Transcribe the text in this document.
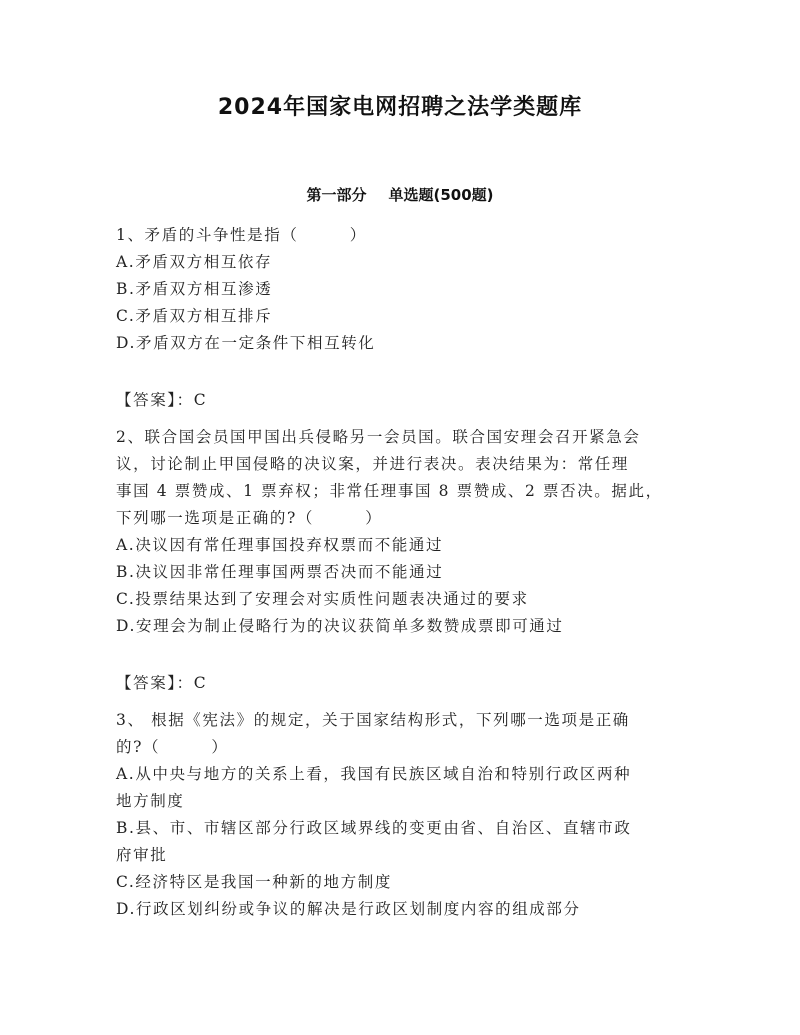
2024年国家电网招聘之法学类题库
第一部分 单选题(500题)
1、矛盾的斗争性是指（　　　）
A.矛盾双方相互依存
B.矛盾双方相互渗透
C.矛盾双方相互排斥
D.矛盾双方在一定条件下相互转化
【答案】：C
2、联合国会员国甲国出兵侵略另一会员国。联合国安理会召开紧急会
议，讨论制止甲国侵略的决议案，并进行表决。表决结果为：常任理
事国 4 票赞成、1 票弃权；非常任理事国 8 票赞成、2 票否决。据此，
下列哪一选项是正确的?（　　　）
A.决议因有常任理事国投弃权票而不能通过
B.决议因非常任理事国两票否决而不能通过
C.投票结果达到了安理会对实质性问题表决通过的要求
D.安理会为制止侵略行为的决议获简单多数赞成票即可通过
【答案】：C
3、 根据《宪法》的规定，关于国家结构形式，下列哪一选项是正确
的?（　　　）
A.从中央与地方的关系上看，我国有民族区域自治和特别行政区两种
地方制度
B.县、市、市辖区部分行政区域界线的变更由省、自治区、直辖市政
府审批
C.经济特区是我国一种新的地方制度
D.行政区划纠纷或争议的解决是行政区划制度内容的组成部分
